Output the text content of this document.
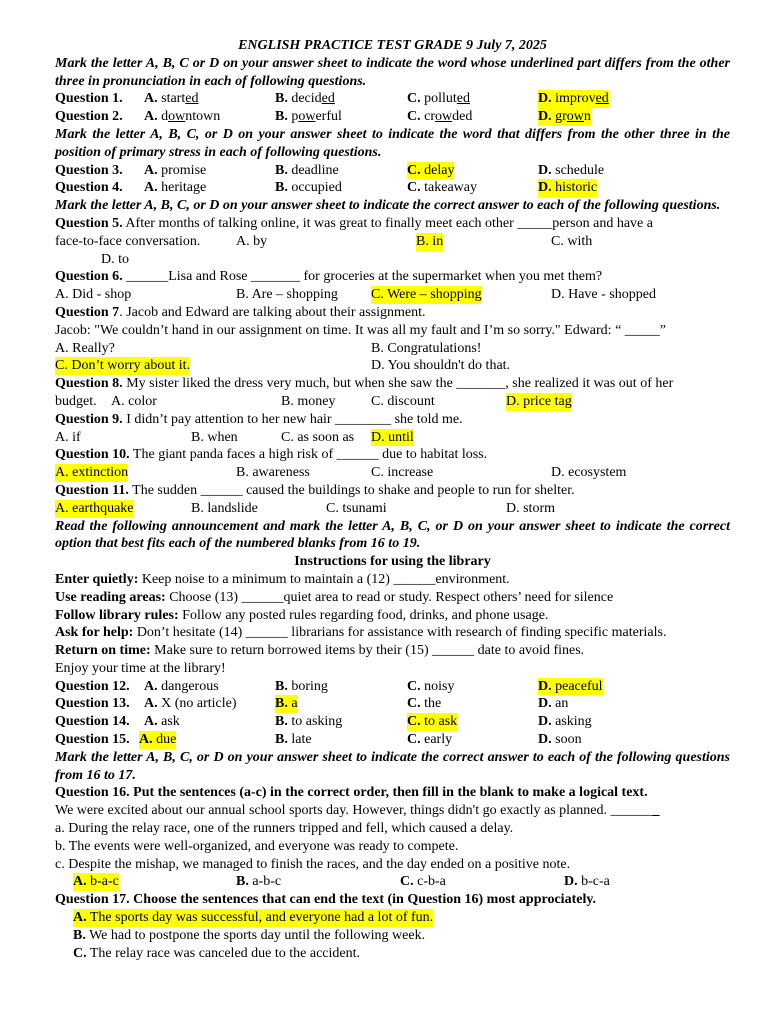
ENGLISH PRACTICE TEST GRADE 9 July 7, 2025
Mark the letter A, B, C or D on your answer sheet to indicate the word whose underlined part differs from the other three in pronunciation in each of following questions.
Question 1. A. started	B. decided	C. polluted	D. improved
Question 2. A. downtown	B. powerful	C. crowded	D. grown
Mark the letter A, B, C, or D on your answer sheet to indicate the word that differs from the other three in the position of primary stress in each of following questions.
Question 3. A. promise	B. deadline	C. delay	D. schedule
Question 4. A. heritage	B. occupied	C. takeaway	D. historic
Mark the letter A, B, C, or D on your answer sheet to indicate the correct answer to each of the following questions.
Question 5. After months of talking online, it was great to finally meet each other _____person and have a
face-to-face conversation.	A. by	B. in	C. with
D. to
Question 6. ______Lisa and Rose _______ for groceries at the supermarket when you met them?
A. Did - shop	B. Are – shopping C. Were – shopping	D. Have - shopped
Question 7. Jacob and Edward are talking about their assignment.
Jacob: "We couldn’t hand in our assignment on time. It was all my fault and I’m so sorry." Edward: “ _____”
A. Really?	B. Congratulations!
C. Don’t worry about it.	D. You shouldn't do that.
Question 8. My sister liked the dress very much, but when she saw the _______, she realized it was out of her
budget. A. color	B. money	C. discount	D. price tag
Question 9. I didn’t pay attention to her new hair ________ she told me.
A. if	B. when	C. as soon as D. until
Question 10. The giant panda faces a high risk of ______ due to habitat loss.
A. extinction	B. awareness	C. increase	D. ecosystem
Question 11. The sudden ______ caused the buildings to shake and people to run for shelter.
A. earthquake	B. landslide	C. tsunami	D. storm
Read the following announcement and mark the letter A, B, C, or D on your answer sheet to indicate the correct option that best fits each of the numbered blanks from 16 to 19.
Instructions for using the library
Enter quietly: Keep noise to a minimum to maintain a (12) ______environment.
Use reading areas: Choose (13) ______quiet area to read or study. Respect others’ need for silence
Follow library rules: Follow any posted rules regarding food, drinks, and phone usage.
Ask for help: Don’t hesitate (14) ______ librarians for assistance with research of finding specific materials.
Return on time: Make sure to return borrowed items by their (15) ______ date to avoid fines.
Enjoy your time at the library!
Question 12. A. dangerous	B. boring	C. noisy	D. peaceful
Question 13. A. X (no article)	B. a	C. the	D. an
Question 14. A. ask	B. to asking	C. to ask	D. asking
Question 15. A. due	B. late	C. early	D. soon
Mark the letter A, B, C, or D on your answer sheet to indicate the correct answer to each of the following questions from 16 to 17.
Question 16. Put the sentences (a-c) in the correct order, then fill in the blank to make a logical text.
We were excited about our annual school sports day. However, things didn't go exactly as planned. _______
a. During the relay race, one of the runners tripped and fell, which caused a delay.
b. The events were well-organized, and everyone was ready to compete.
c. Despite the mishap, we managed to finish the races, and the day ended on a positive note.
A. b-a-c	B. a-b-c	C. c-b-a	D. b-c-a
Question 17. Choose the sentences that can end the text (in Question 16) most approciately.
A. The sports day was successful, and everyone had a lot of fun.
B. We had to postpone the sports day until the following week.
C. The relay race was canceled due to the accident.
